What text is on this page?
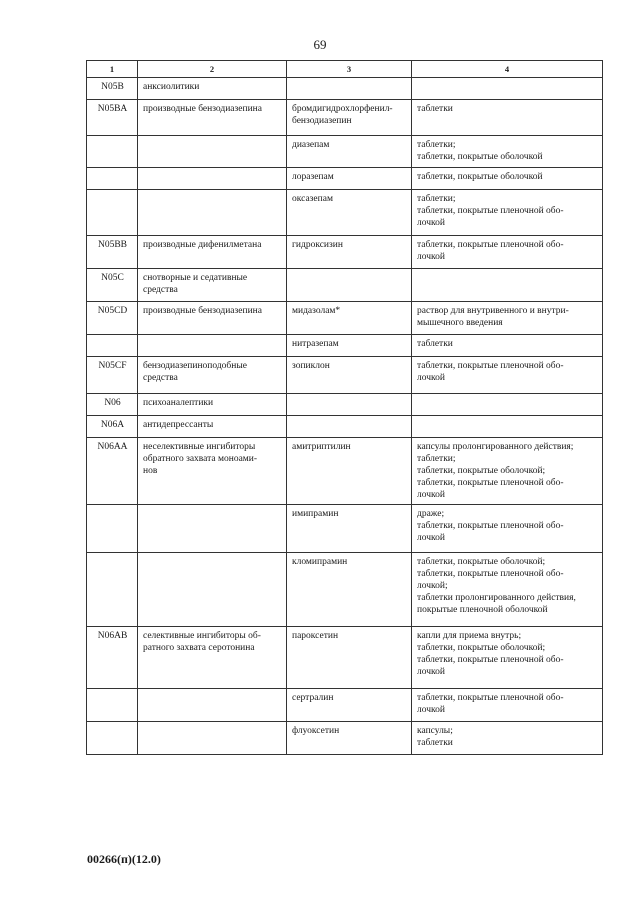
69
1	2	3	4
N05B	анксиолитики		
N05BA	производные бензодиазепина	бромдигидрохлорфенил-
бензодиазепин	таблетки
		диазепам	таблетки;
таблетки, покрытые оболочкой
		лоразепам	таблетки, покрытые оболочкой
		оксазепам	таблетки;
таблетки, покрытые пленочной обо-
лочкой
N05BB	производные дифенилметана	гидроксизин	таблетки, покрытые пленочной обо-
лочкой
N05C	снотворные и седативные
средства		
N05CD	производные бензодиазепина	мидазолам*	раствор для внутривенного и внутри-
мышечного введения
		нитразепам	таблетки
N05CF	бензодиазепиноподобные
средства	зопиклон	таблетки, покрытые пленочной обо-
лочкой
N06	психоаналептики		
N06A	антидепрессанты		
N06AA	неселективные ингибиторы
обратного захвата моноами-
нов	амитриптилин	капсулы пролонгированного действия;
таблетки;
таблетки, покрытые оболочкой;
таблетки, покрытые пленочной обо-
лочкой
		имипрамин	драже;
таблетки, покрытые пленочной обо-
лочкой
		кломипрамин	таблетки, покрытые оболочкой;
таблетки, покрытые пленочной обо-
лочкой;
таблетки пролонгированного действия,
покрытые пленочной оболочкой
N06AB	селективные ингибиторы об-
ратного захвата серотонина	пароксетин	капли для приема внутрь;
таблетки, покрытые оболочкой;
таблетки, покрытые пленочной обо-
лочкой
		сертралин	таблетки, покрытые пленочной обо-
лочкой
		флуоксетин	капсулы;
таблетки
00266(п)(12.0)
